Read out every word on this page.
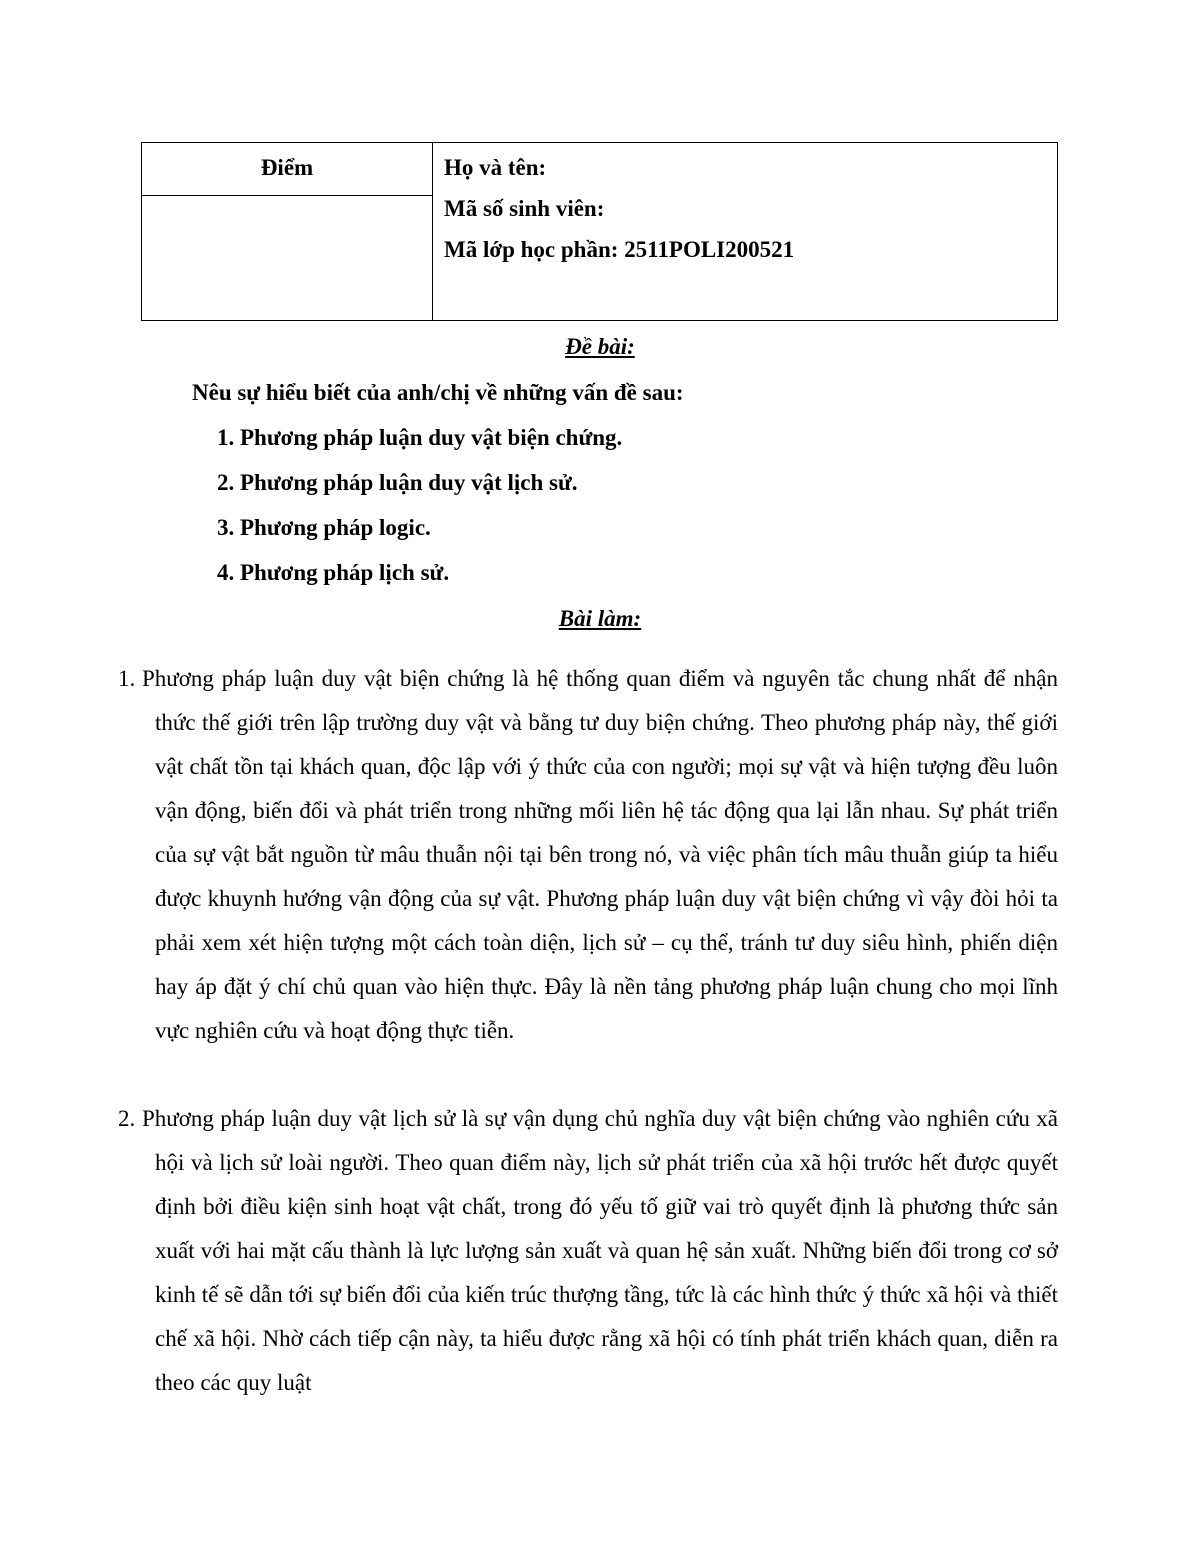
Điểm	Họ và tên:
Mã số sinh viên:
Mã lớp học phần: 2511POLI200521
Đề bài:
Nêu sự hiểu biết của anh/chị về những vấn đề sau:
1. Phương pháp luận duy vật biện chứng.
2. Phương pháp luận duy vật lịch sử.
3. Phương pháp logic.
4. Phương pháp lịch sử.
Bài làm:
1. Phương pháp luận duy vật biện chứng là hệ thống quan điểm và nguyên tắc chung nhất để nhận thức thế giới trên lập trường duy vật và bằng tư duy biện chứng. Theo phương pháp này, thế giới vật chất tồn tại khách quan, độc lập với ý thức của con người; mọi sự vật và hiện tượng đều luôn vận động, biến đổi và phát triển trong những mối liên hệ tác động qua lại lẫn nhau. Sự phát triển của sự vật bắt nguồn từ mâu thuẫn nội tại bên trong nó, và việc phân tích mâu thuẫn giúp ta hiểu được khuynh hướng vận động của sự vật. Phương pháp luận duy vật biện chứng vì vậy đòi hỏi ta phải xem xét hiện tượng một cách toàn diện, lịch sử – cụ thể, tránh tư duy siêu hình, phiến diện hay áp đặt ý chí chủ quan vào hiện thực. Đây là nền tảng phương pháp luận chung cho mọi lĩnh vực nghiên cứu và hoạt động thực tiễn.
2. Phương pháp luận duy vật lịch sử là sự vận dụng chủ nghĩa duy vật biện chứng vào nghiên cứu xã hội và lịch sử loài người. Theo quan điểm này, lịch sử phát triển của xã hội trước hết được quyết định bởi điều kiện sinh hoạt vật chất, trong đó yếu tố giữ vai trò quyết định là phương thức sản xuất với hai mặt cấu thành là lực lượng sản xuất và quan hệ sản xuất. Những biến đổi trong cơ sở kinh tế sẽ dẫn tới sự biến đổi của kiến trúc thượng tầng, tức là các hình thức ý thức xã hội và thiết chế xã hội. Nhờ cách tiếp cận này, ta hiểu được rằng xã hội có tính phát triển khách quan, diễn ra theo các quy luật
